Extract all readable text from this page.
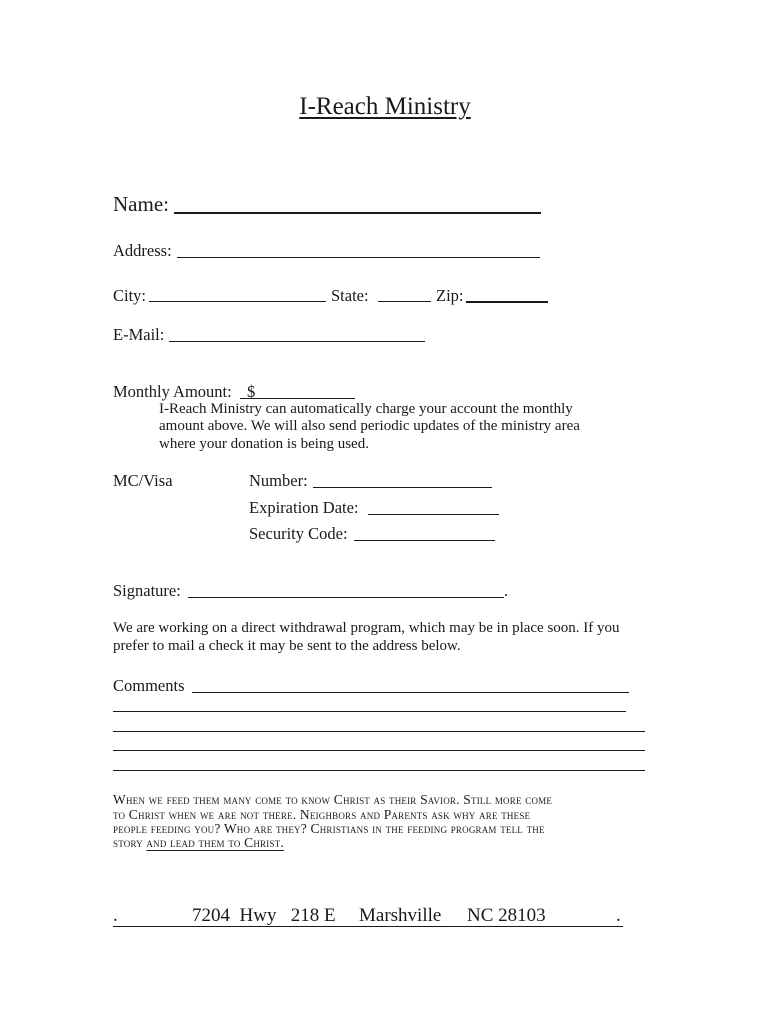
I-Reach Ministry
Name:
Address:
City:	State:	Zip:
E-Mail:
Monthly Amount: $
I-Reach Ministry can automatically charge your account the monthly
amount above. We will also send periodic updates of the ministry area
where your donation is being used.
MC/Visa	Number:
Expiration Date:
Security Code:
Signature:	.
We are working on a direct withdrawal program, which may be in place soon. If you
prefer to mail a check it may be sent to the address below.
Comments
When we feed them many come to know Christ as their Savior. Still more come
to Christ when we are not there. Neighbors and Parents ask why are these
people feeding you? Who are they? Christians in the feeding program tell the
story and lead them to Christ.
.	7204  Hwy   218 E Marshville NC 28103	.
